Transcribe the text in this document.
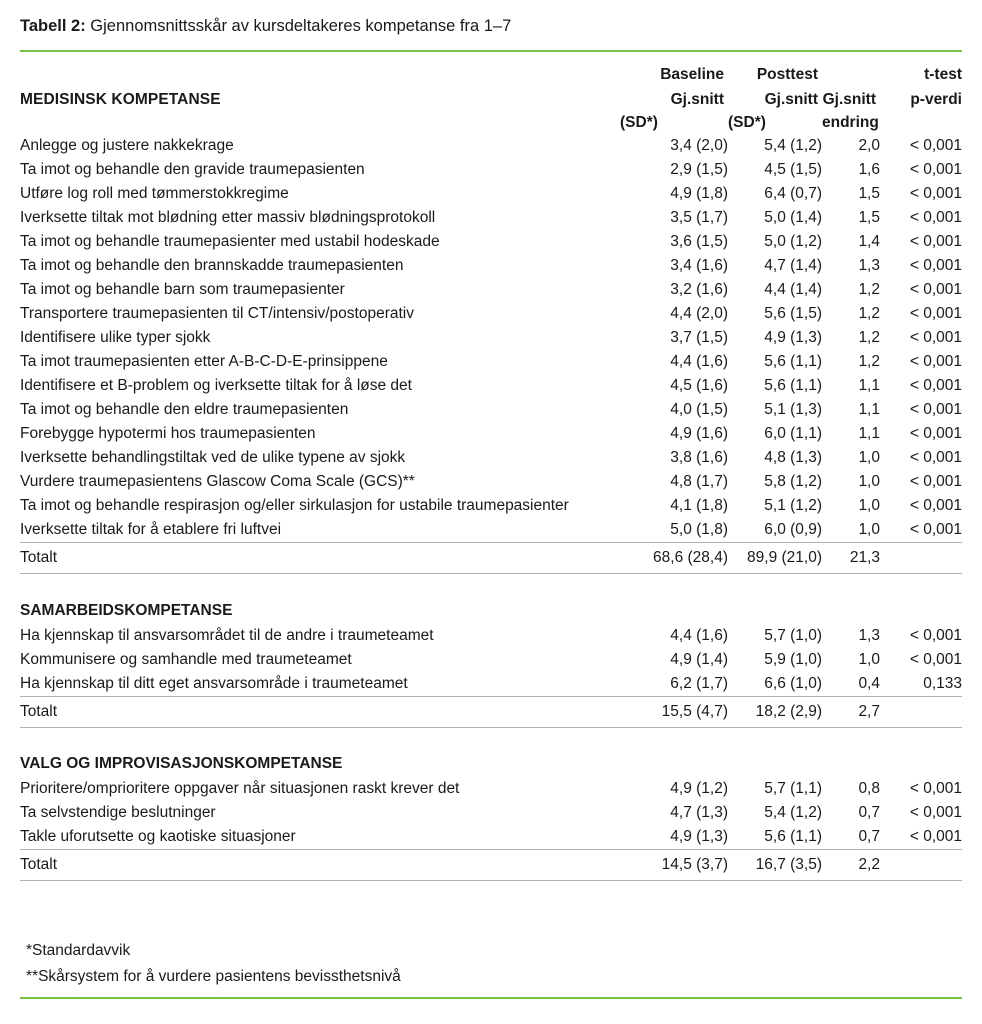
Tabell 2: Gjennomsnittsskår av kursdeltakeres kompetanse fra 1–7
	Baseline	Posttest		t-test
MEDISINSK KOMPETANSE	Gj.snitt	Gj.snitt	Gj.snitt	p-verdi
	(SD*)	(SD*)	endring	
Anlegge og justere nakkekrage	3,4 (2,0)	5,4 (1,2)	2,0	< 0,001
Ta imot og behandle den gravide traumepasienten	2,9 (1,5)	4,5 (1,5)	1,6	< 0,001
Utføre log roll med tømmerstokkregime	4,9 (1,8)	6,4 (0,7)	1,5	< 0,001
Iverksette tiltak mot blødning etter massiv blødningsprotokoll	3,5 (1,7)	5,0 (1,4)	1,5	< 0,001
Ta imot og behandle traumepasienter med ustabil hodeskade	3,6 (1,5)	5,0 (1,2)	1,4	< 0,001
Ta imot og behandle den brannskadde traumepasienten	3,4 (1,6)	4,7 (1,4)	1,3	< 0,001
Ta imot og behandle barn som traumepasienter	3,2 (1,6)	4,4 (1,4)	1,2	< 0,001
Transportere traumepasienten til CT/intensiv/postoperativ	4,4 (2,0)	5,6 (1,5)	1,2	< 0,001
Identifisere ulike typer sjokk	3,7 (1,5)	4,9 (1,3)	1,2	< 0,001
Ta imot traumepasienten etter A-B-C-D-E-prinsippene	4,4 (1,6)	5,6 (1,1)	1,2	< 0,001
Identifisere et B-problem og iverksette tiltak for å løse det	4,5 (1,6)	5,6 (1,1)	1,1	< 0,001
Ta imot og behandle den eldre traumepasienten	4,0 (1,5)	5,1 (1,3)	1,1	< 0,001
Forebygge hypotermi hos traumepasienten	4,9 (1,6)	6,0 (1,1)	1,1	< 0,001
Iverksette behandlingstiltak ved de ulike typene av sjokk	3,8 (1,6)	4,8 (1,3)	1,0	< 0,001
Vurdere traumepasientens Glascow Coma Scale (GCS)**	4,8 (1,7)	5,8 (1,2)	1,0	< 0,001
Ta imot og behandle respirasjon og/eller sirkulasjon for ustabile traumepasienter	4,1 (1,8)	5,1 (1,2)	1,0	< 0,001
Iverksette tiltak for å etablere fri luftvei	5,0 (1,8)	6,0 (0,9)	1,0	< 0,001
Totalt	68,6 (28,4)	89,9 (21,0)	21,3	

SAMARBEIDSKOMPETANSE				
Ha kjennskap til ansvarsområdet til de andre i traumeteamet	4,4 (1,6)	5,7 (1,0)	1,3	< 0,001
Kommunisere og samhandle med traumeteamet	4,9 (1,4)	5,9 (1,0)	1,0	< 0,001
Ha kjennskap til ditt eget ansvarsområde i traumeteamet	6,2 (1,7)	6,6 (1,0)	0,4	0,133
Totalt	15,5 (4,7)	18,2 (2,9)	2,7	

VALG OG IMPROVISASJONSKOMPETANSE				
Prioritere/omprioritere oppgaver når situasjonen raskt krever det	4,9 (1,2)	5,7 (1,1)	0,8	< 0,001
Ta selvstendige beslutninger	4,7 (1,3)	5,4 (1,2)	0,7	< 0,001
Takle uforutsette og kaotiske situasjoner	4,9 (1,3)	5,6 (1,1)	0,7	< 0,001
Totalt	14,5 (3,7)	16,7 (3,5)	2,2	
*Standardavvik
**Skårsystem for å vurdere pasientens bevissthetsnivå
